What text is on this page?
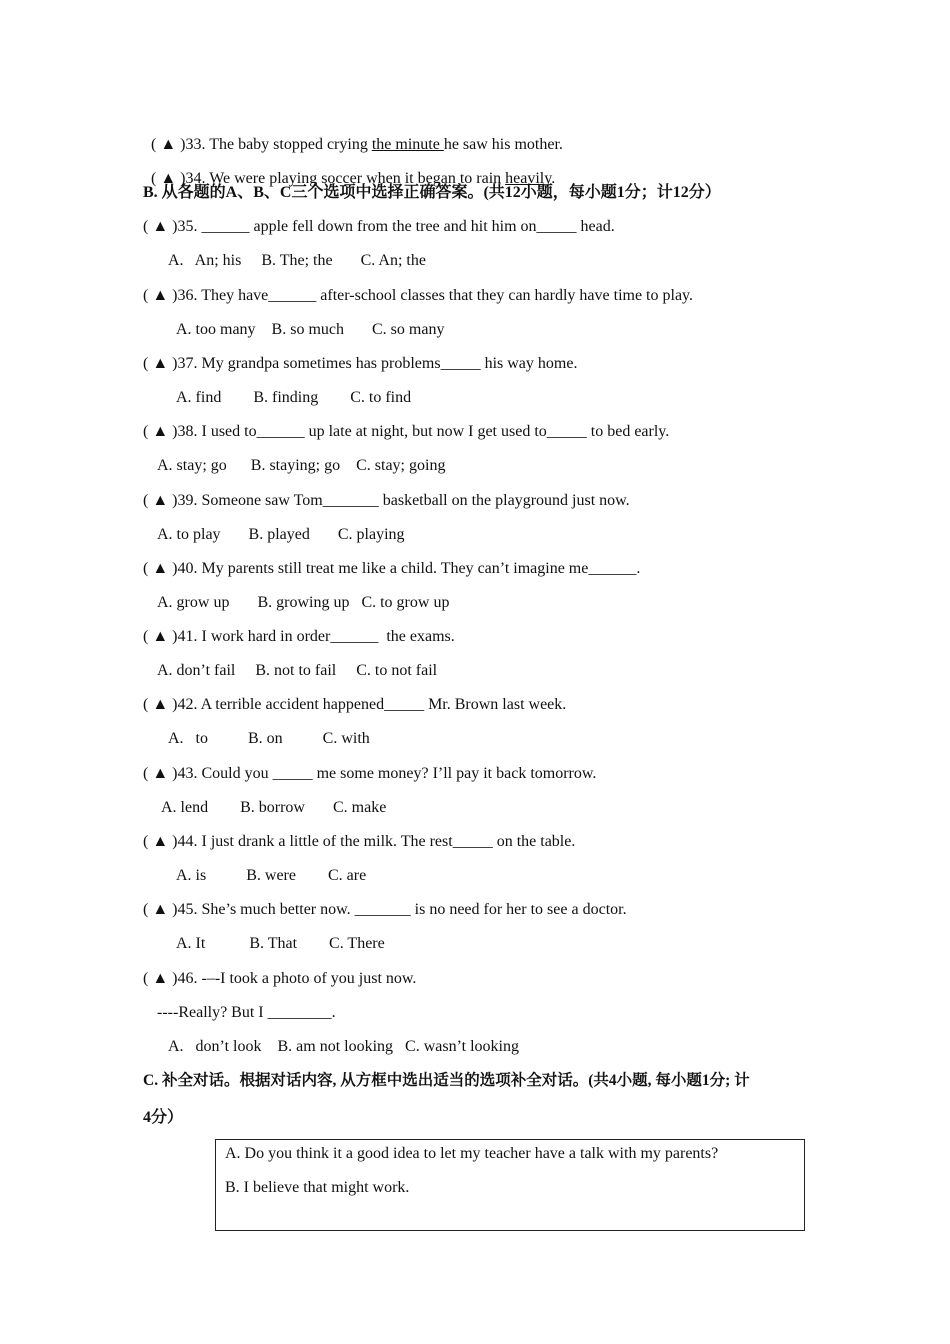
( ▲ )33. The baby stopped crying the minute he saw his mother.

( ▲ )34. We were playing soccer when it began to rain heavily.

B. 从各题的A、B、C三个选项中选择正确答案。(共12小题，每小题1分；计12分）
( ▲ )35. ______ apple fell down from the tree and hit him on_____ head.
A.   An; his     B. The; the       C. An; the
( ▲ )36. They have______ after-school classes that they can hardly have time to play.
A. too many    B. so much       C. so many
( ▲ )37. My grandpa sometimes has problems_____ his way home.
A. find        B. finding        C. to find
( ▲ )38. I used to______ up late at night, but now I get used to_____ to bed early.
A. stay; go      B. staying; go    C. stay; going
( ▲ )39. Someone saw Tom_______ basketball on the playground just now.
A. to play       B. played       C. playing
( ▲ )40. My parents still treat me like a child. They can’t imagine me______.
A. grow up       B. growing up   C. to grow up
( ▲ )41. I work hard in order______  the exams.
A. don’t fail     B. not to fail     C. to not fail
( ▲ )42. A terrible accident happened_____ Mr. Brown last week.
A.   to          B. on          C. with
( ▲ )43. Could you _____ me some money? I’ll pay it back tomorrow.
A. lend        B. borrow       C. make
( ▲ )44. I just drank a little of the milk. The rest_____ on the table.
A. is          B. were        C. are
( ▲ )45. She’s much better now. _______ is no need for her to see a doctor.
A. It           B. That        C. There
( ▲ )46. -–-I took a photo of you just now.
----Really? But I ________.
A.   don’t look    B. am not looking   C. wasn’t looking
C. 补全对话。根据对话内容, 从方框中选出适当的选项补全对话。(共4小题, 每小题1分; 计
4分）
A. Do you think it a good idea to let my teacher have a talk with my parents?
B. I believe that might work.
